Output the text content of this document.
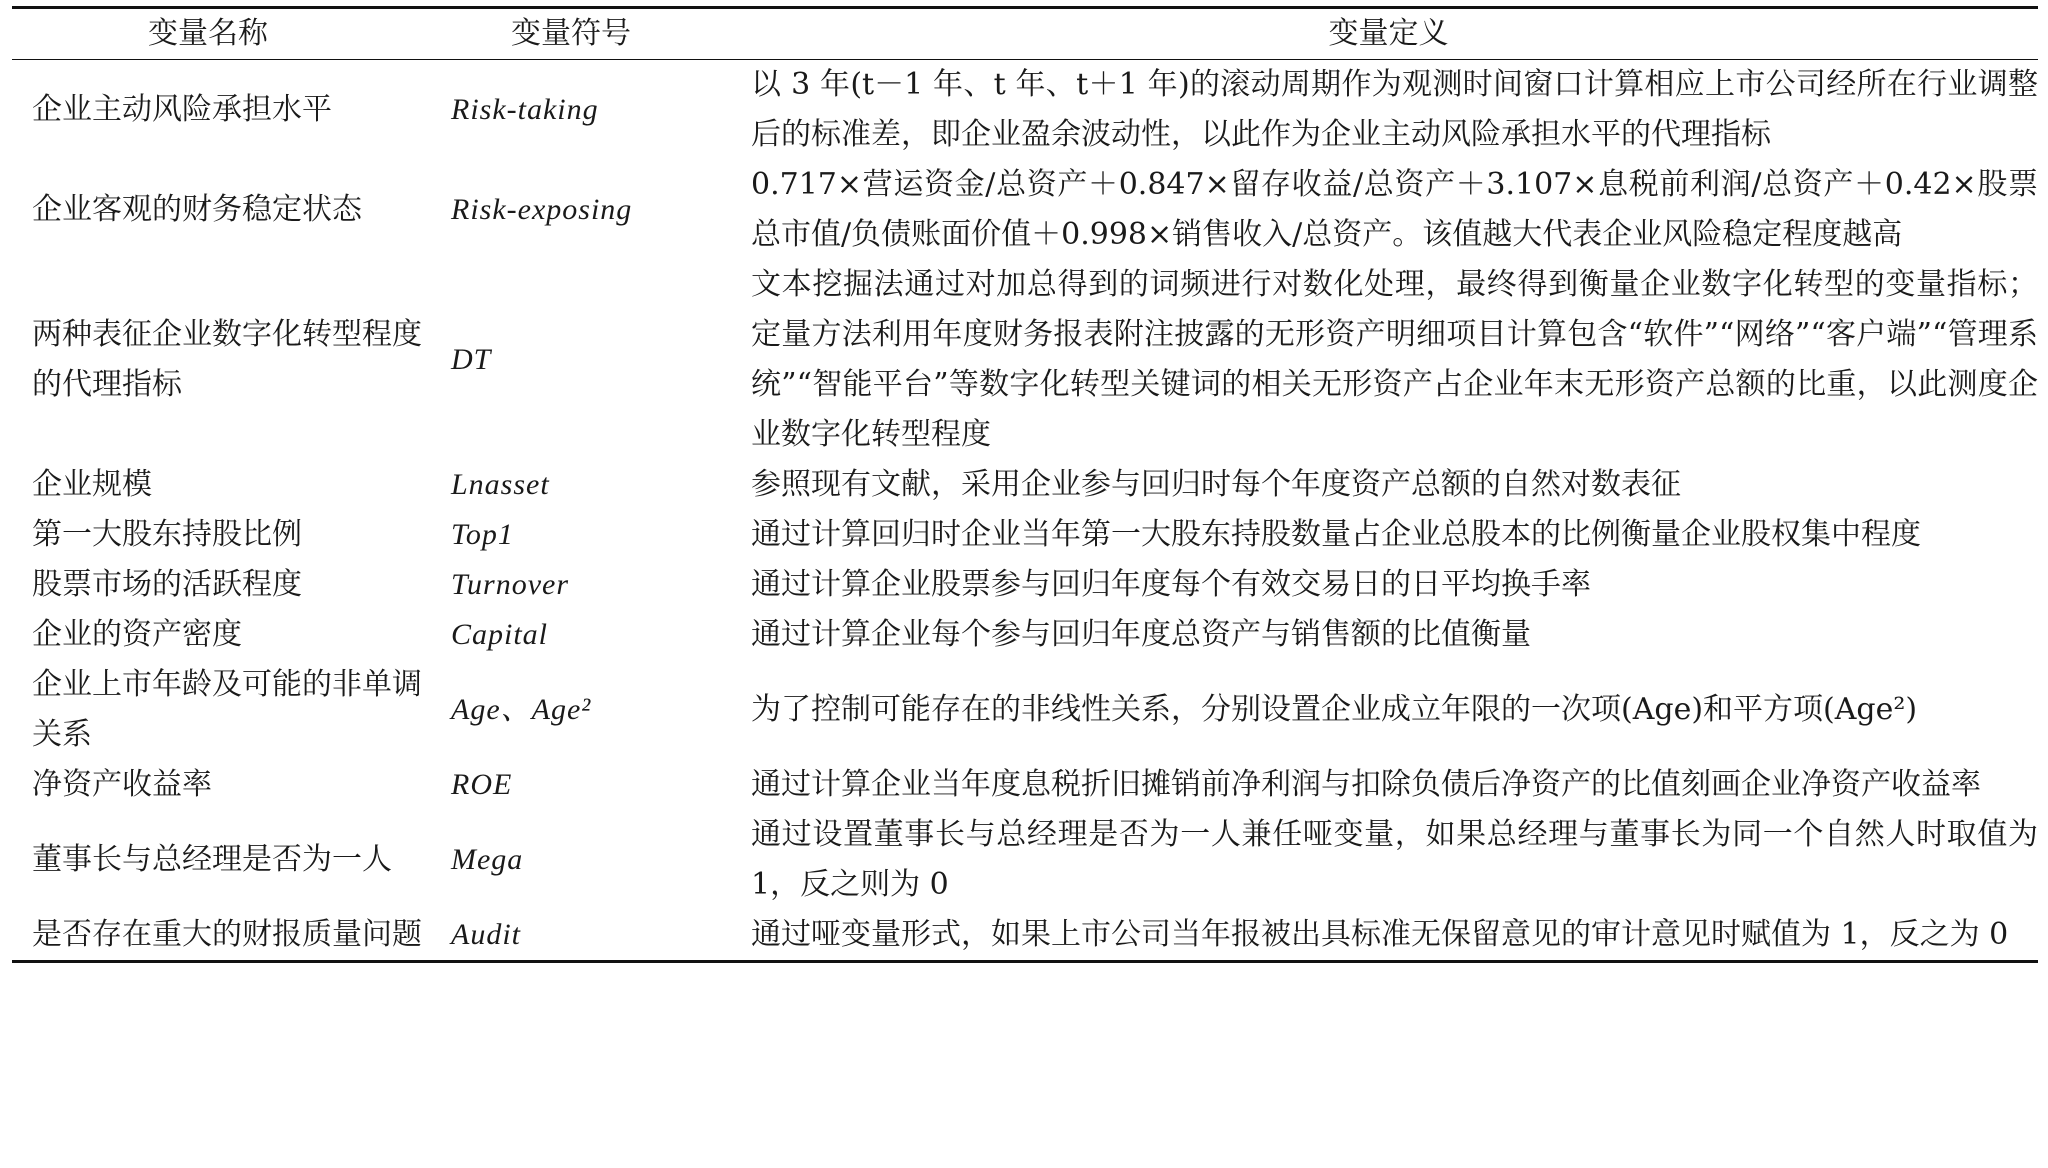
变量名称	变量符号	变量定义
企业主动风险承担水平	Risk-taking	以 3 年(t－1 年、t 年、t＋1 年)的滚动周期作为观测时间窗口计算相应上市公司经所在行业调整后的标准差，即企业盈余波动性，以此作为企业主动风险承担水平的代理指标
企业客观的财务稳定状态	Risk-exposing	0.717×营运资金/总资产＋0.847×留存收益/总资产＋3.107×息税前利润/总资产＋0.42×股票总市值/负债账面价值＋0.998×销售收入/总资产。该值越大代表企业风险稳定程度越高
两种表征企业数字化转型程度的代理指标	DT	文本挖掘法通过对加总得到的词频进行对数化处理，最终得到衡量企业数字化转型的变量指标；定量方法利用年度财务报表附注披露的无形资产明细项目计算包含“软件”“网络”“客户端”“管理系统”“智能平台”等数字化转型关键词的相关无形资产占企业年末无形资产总额的比重，以此测度企业数字化转型程度
企业规模	Lnasset	参照现有文献，采用企业参与回归时每个年度资产总额的自然对数表征
第一大股东持股比例	Top1	通过计算回归时企业当年第一大股东持股数量占企业总股本的比例衡量企业股权集中程度
股票市场的活跃程度	Turnover	通过计算企业股票参与回归年度每个有效交易日的日平均换手率
企业的资产密度	Capital	通过计算企业每个参与回归年度总资产与销售额的比值衡量
企业上市年龄及可能的非单调关系	Age、Age²	为了控制可能存在的非线性关系，分别设置企业成立年限的一次项(Age)和平方项(Age²)
净资产收益率	ROE	通过计算企业当年度息税折旧摊销前净利润与扣除负债后净资产的比值刻画企业净资产收益率
董事长与总经理是否为一人	Mega	通过设置董事长与总经理是否为一人兼任哑变量，如果总经理与董事长为同一个自然人时取值为 1，反之则为 0
是否存在重大的财报质量问题	Audit	通过哑变量形式，如果上市公司当年报被出具标准无保留意见的审计意见时赋值为 1，反之为 0
